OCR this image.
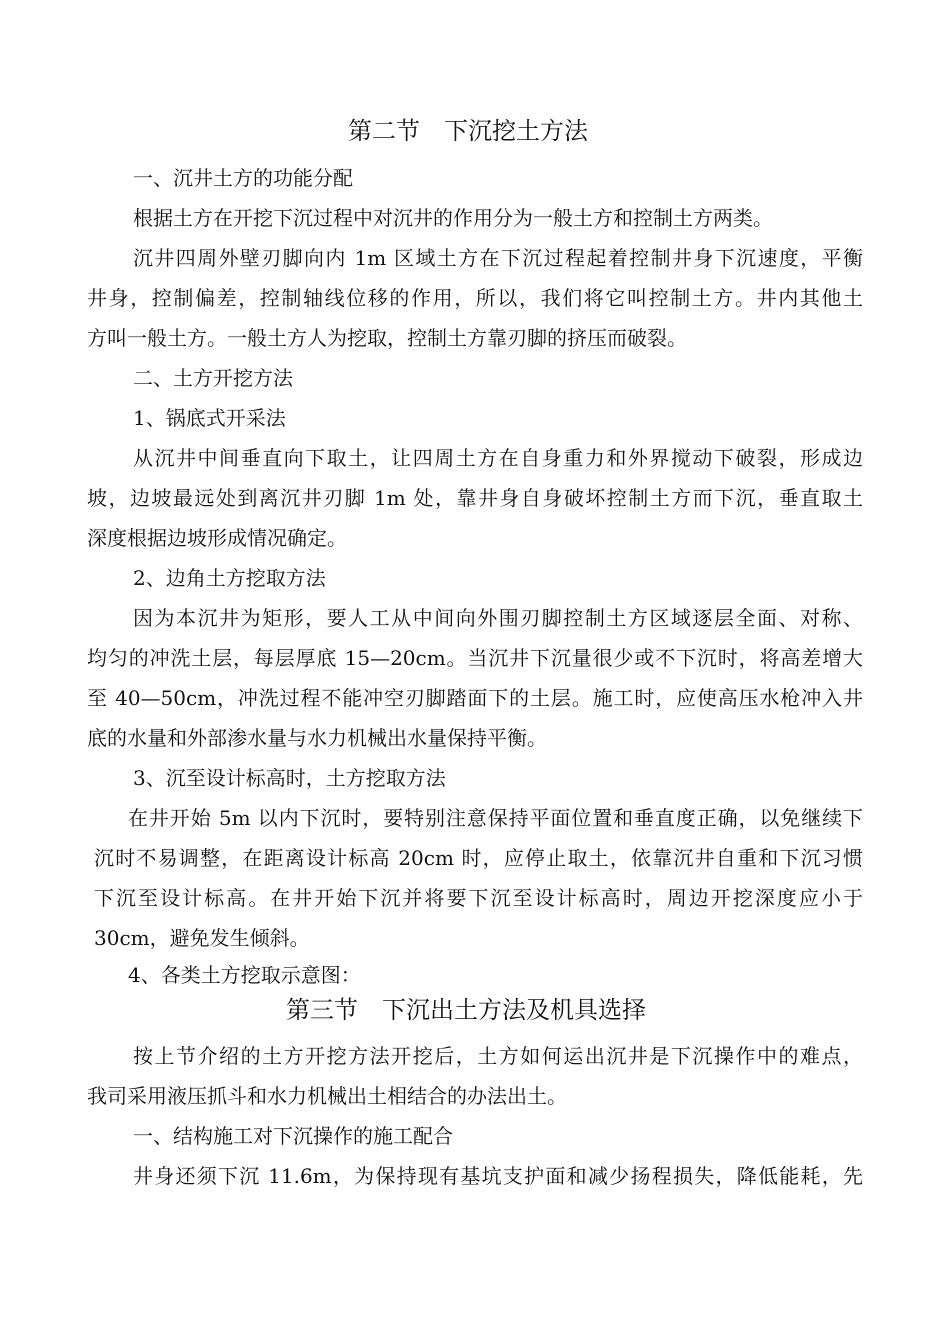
第二节　下沉挖土方法
一、沉井土方的功能分配
根据土方在开挖下沉过程中对沉井的作用分为一般土方和控制土方两类。
沉井四周外壁刃脚向内 1m 区域土方在下沉过程起着控制井身下沉速度，平衡
井身，控制偏差，控制轴线位移的作用，所以，我们将它叫控制土方。井内其他土
方叫一般土方。一般土方人为挖取，控制土方靠刃脚的挤压而破裂。
二、土方开挖方法
1、锅底式开采法
从沉井中间垂直向下取土，让四周土方在自身重力和外界搅动下破裂，形成边
坡，边坡最远处到离沉井刃脚 1m 处，靠井身自身破坏控制土方而下沉，垂直取土
深度根据边坡形成情况确定。
2、边角土方挖取方法
因为本沉井为矩形，要人工从中间向外围刃脚控制土方区域逐层全面、对称、
均匀的冲洗土层，每层厚底 15—20cm。当沉井下沉量很少或不下沉时，将高差增大
至 40—50cm，冲洗过程不能冲空刃脚踏面下的土层。施工时，应使高压水枪冲入井
底的水量和外部渗水量与水力机械出水量保持平衡。
3、沉至设计标高时，土方挖取方法
在井开始 5m 以内下沉时，要特别注意保持平面位置和垂直度正确，以免继续下
沉时不易调整，在距离设计标高 20cm 时，应停止取土，依靠沉井自重和下沉习惯
下沉至设计标高。在井开始下沉并将要下沉至设计标高时，周边开挖深度应小于
30cm，避免发生倾斜。
4、各类土方挖取示意图：
第三节　下沉出土方法及机具选择
按上节介绍的土方开挖方法开挖后，土方如何运出沉井是下沉操作中的难点，
我司采用液压抓斗和水力机械出土相结合的办法出土。
一、结构施工对下沉操作的施工配合
井身还须下沉 11.6m，为保持现有基坑支护面和减少扬程损失，降低能耗，先
